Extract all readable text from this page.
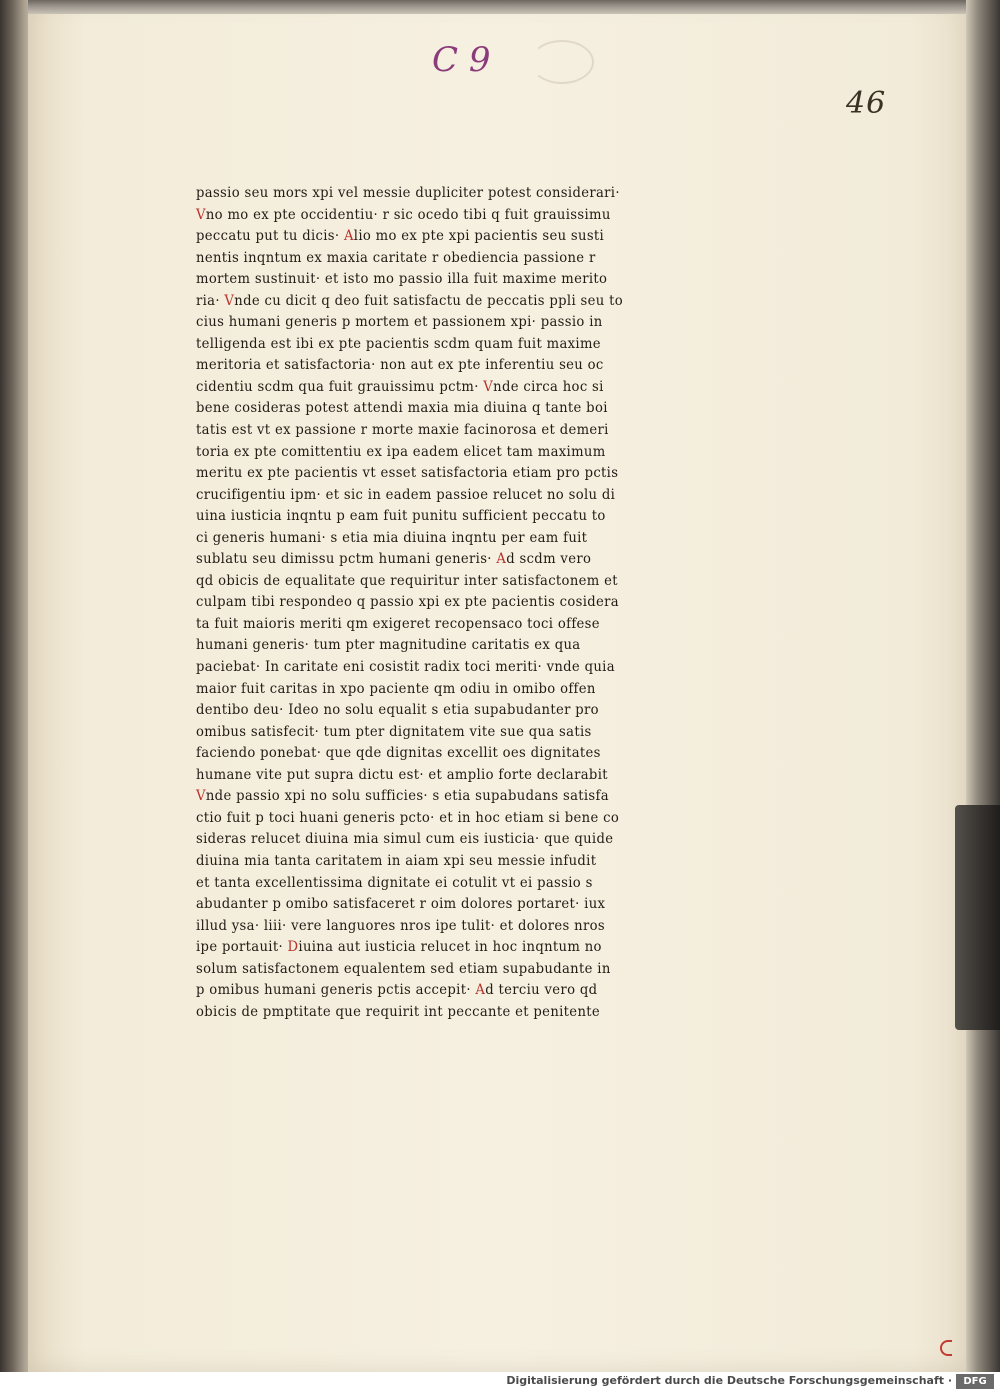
C 9
46
passio seu mors xpi vel messie dupliciter potest considerari·
Vno mo ex pte occidentiu· r sic ocedo tibi q fuit grauissimu
peccatu put tu dicis· Alio mo ex pte xpi pacientis seu susti
nentis inqntum ex maxia caritate r obediencia passione r
mortem sustinuit· et isto mo passio illa fuit maxime merito
ria· Vnde cu dicit q deo fuit satisfactu de peccatis ppli seu to
cius humani generis p mortem et passionem xpi· passio in
telligenda est ibi ex pte pacientis scdm quam fuit maxime
meritoria et satisfactoria· non aut ex pte inferentiu seu oc
cidentiu scdm qua fuit grauissimu pctm· Vnde circa hoc si
bene cosideras potest attendi maxia mia diuina q tante boi
tatis est vt ex passione r morte maxie facinorosa et demeri
toria ex pte comittentiu ex ipa eadem elicet tam maximum
meritu ex pte pacientis vt esset satisfactoria etiam pro pctis
crucifigentiu ipm· et sic in eadem passioe relucet no solu di
uina iusticia inqntu p eam fuit punitu sufficient peccatu to
ci generis humani· s etia mia diuina inqntu per eam fuit
sublatu seu dimissu pctm humani generis· Ad scdm vero
qd obicis de equalitate que requiritur inter satisfactonem et
culpam tibi respondeo q passio xpi ex pte pacientis cosidera
ta fuit maioris meriti qm exigeret recopensaco toci offese
humani generis· tum pter magnitudine caritatis ex qua
paciebat· In caritate eni cosistit radix toci meriti· vnde quia
maior fuit caritas in xpo paciente qm odiu in omibo offen
dentibo deu· Ideo no solu equalit s etia supabudanter pro
omibus satisfecit· tum pter dignitatem vite sue qua satis
faciendo ponebat· que qde dignitas excellit oes dignitates
humane vite put supra dictu est· et amplio forte declarabit
Vnde passio xpi no solu sufficies· s etia supabudans satisfa
ctio fuit p toci huani generis pcto· et in hoc etiam si bene co
sideras relucet diuina mia simul cum eis iusticia· que quide
diuina mia tanta caritatem in aiam xpi seu messie infudit
et tanta excellentissima dignitate ei cotulit vt ei passio s
abudanter p omibo satisfaceret r oim dolores portaret· iux
illud ysa· liii· vere languores nros ipe tulit· et dolores nros
ipe portauit· Diuina aut iusticia relucet in hoc inqntum no
solum satisfactonem equalentem sed etiam supabudante in
p omibus humani generis pctis accepit· Ad terciu vero qd
obicis de pmptitate que requirit int peccante et penitente
Digitalisierung gefördert durch die Deutsche Forschungsgemeinschaft ·	DFG
